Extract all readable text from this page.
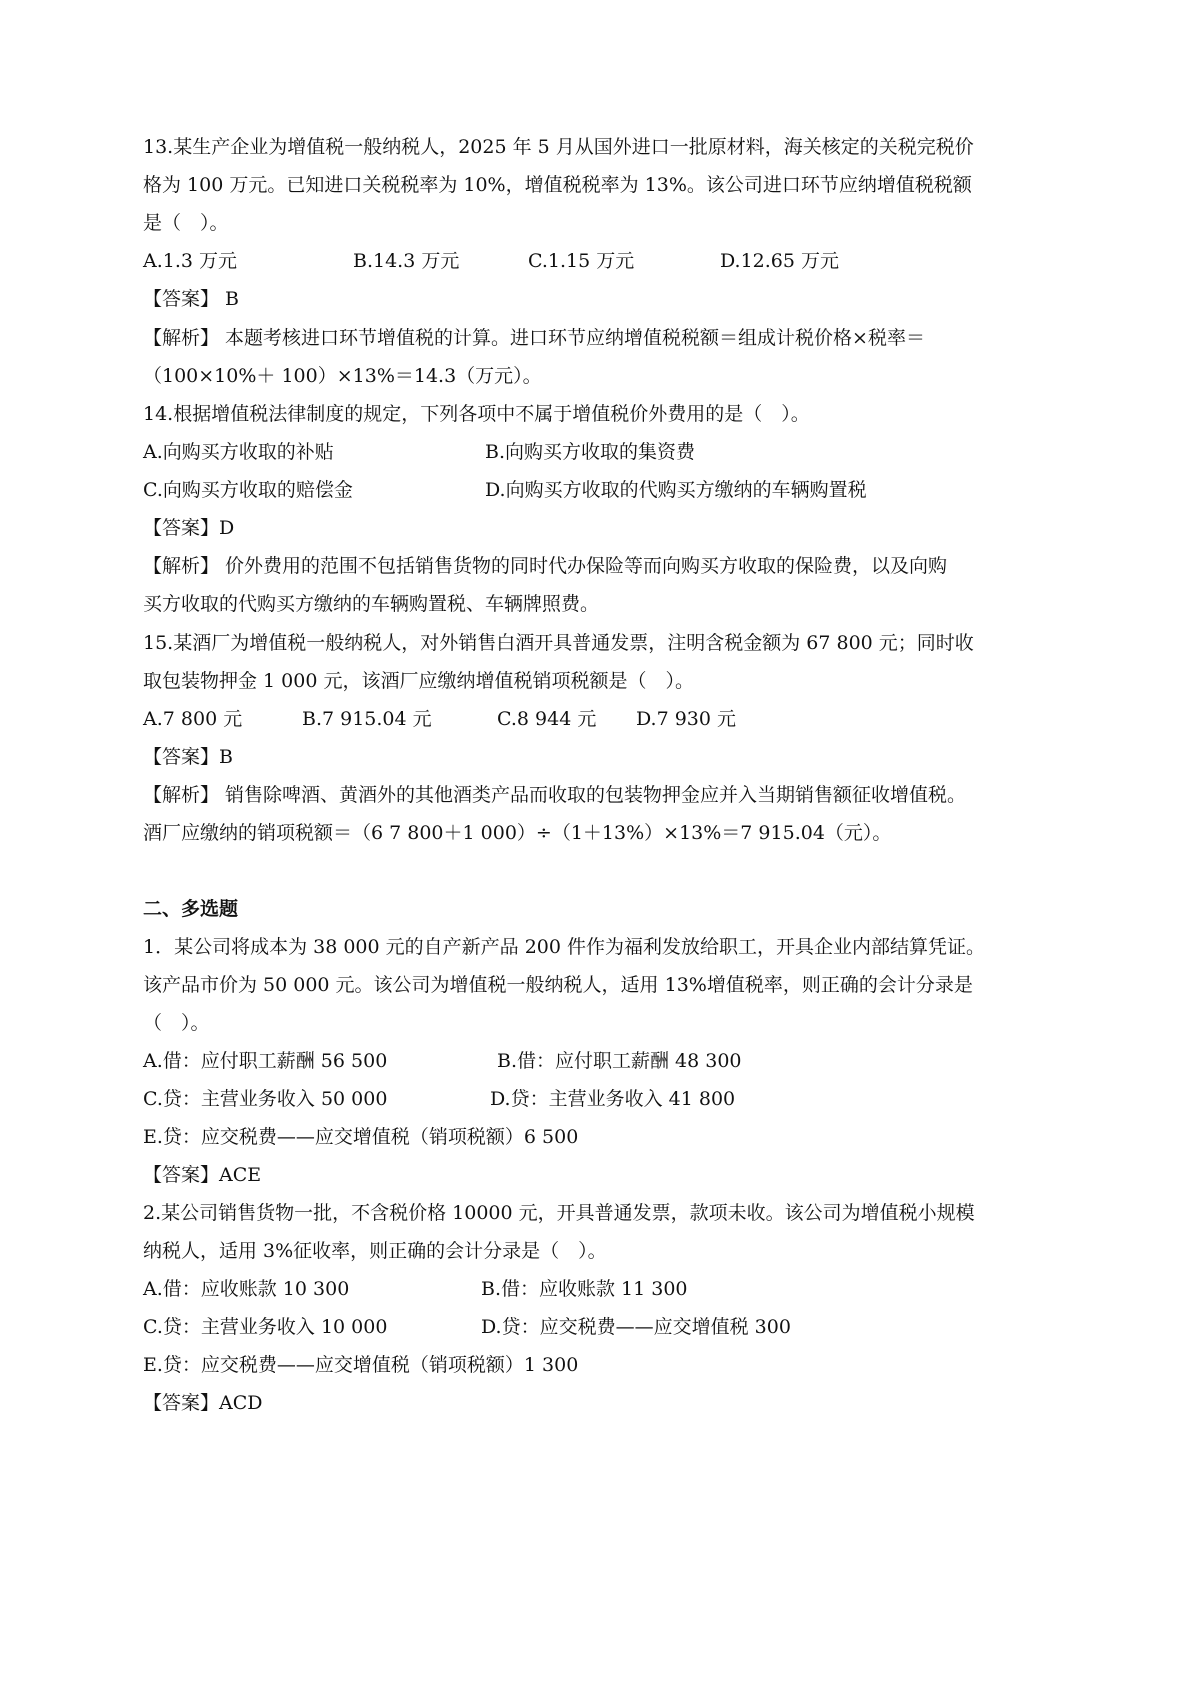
13.某生产企业为增值税一般纳税人，2025 年 5 月从国外进口一批原材料，海关核定的关税完税价
格为 100 万元。已知进口关税税率为 10%，增值税税率为 13%。该公司进口环节应纳增值税税额
是（　）。
A.1.3 万元	B.14.3 万元	C.1.15 万元	D.12.65 万元
【答案】 B
【解析】 本题考核进口环节增值税的计算。进口环节应纳增值税税额＝组成计税价格×税率＝
（100×10%＋ 100）×13%＝14.3（万元）。
14.根据增值税法律制度的规定，下列各项中不属于增值税价外费用的是（　）。
A.向购买方收取的补贴	B.向购买方收取的集资费
C.向购买方收取的赔偿金	D.向购买方收取的代购买方缴纳的车辆购置税
【答案】D
【解析】 价外费用的范围不包括销售货物的同时代办保险等而向购买方收取的保险费，以及向购
买方收取的代购买方缴纳的车辆购置税、车辆牌照费。
15.某酒厂为增值税一般纳税人，对外销售白酒开具普通发票，注明含税金额为 67 800 元；同时收
取包装物押金 1 000 元，该酒厂应缴纳增值税销项税额是（　）。
A.7 800 元	B.7 915.04 元	C.8 944 元 D.7 930 元
【答案】B
【解析】 销售除啤酒、黄酒外的其他酒类产品而收取的包装物押金应并入当期销售额征收增值税。
酒厂应缴纳的销项税额＝（6 7 800＋1 000）÷（1＋13%）×13%＝7 915.04（元）。
二、多选题
1．某公司将成本为 38 000 元的自产新产品 200 件作为福利发放给职工，开具企业内部结算凭证。
该产品市价为 50 000 元。该公司为增值税一般纳税人，适用 13%增值税率，则正确的会计分录是
（　）。
A.借：应付职工薪酬 56 500	B.借：应付职工薪酬 48 300
C.贷：主营业务收入 50 000	D.贷：主营业务收入 41 800
E.贷：应交税费——应交增值税（销项税额）6 500
【答案】ACE
2.某公司销售货物一批，不含税价格 10000 元，开具普通发票，款项未收。该公司为增值税小规模
纳税人，适用 3%征收率，则正确的会计分录是（　）。
A.借：应收账款 10 300	B.借：应收账款 11 300
C.贷：主营业务收入 10 000	D.贷：应交税费——应交增值税 300
E.贷：应交税费——应交增值税（销项税额）1 300
【答案】ACD
